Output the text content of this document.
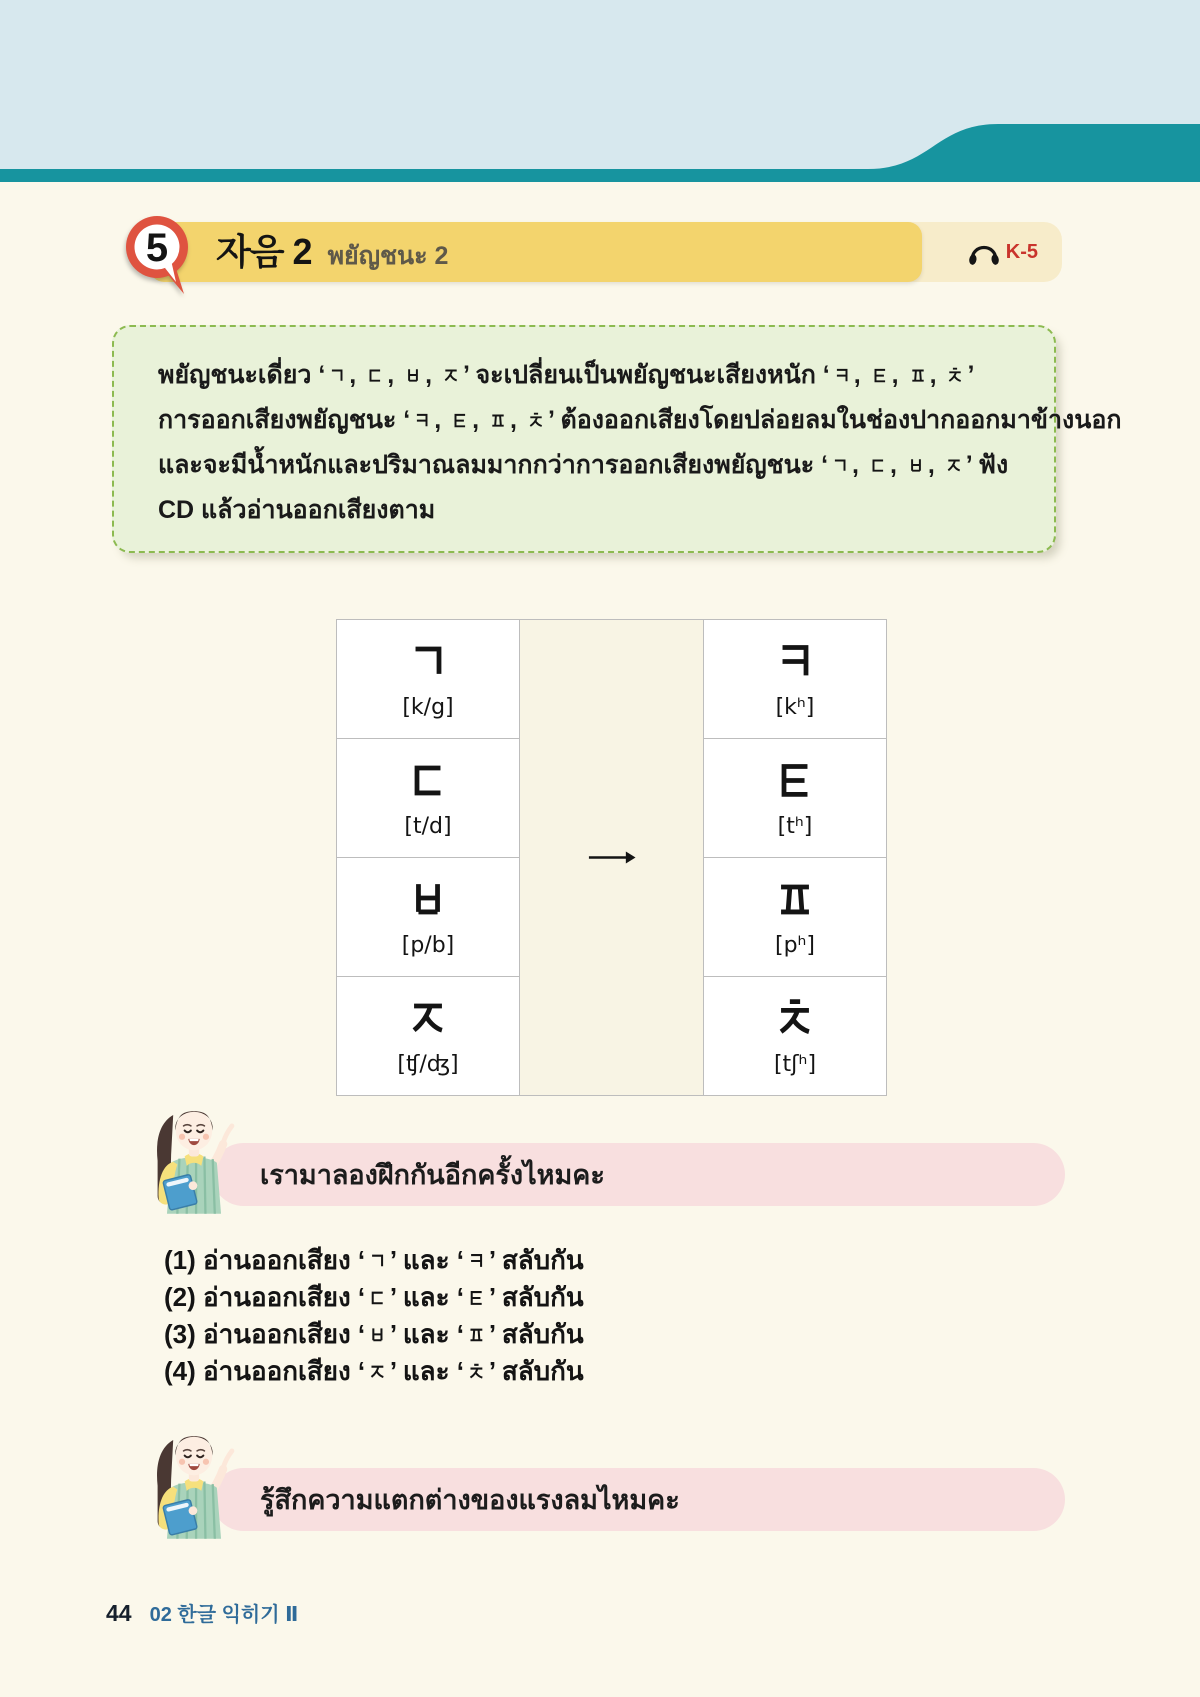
K-5
자음 2 พยัญชนะ 2
5
พยัญชนะเดี่ยว ‘ , , , ’ จะเปลี่ยนเป็นพยัญชนะเสียงหนัก ‘ , , , ’
การออกเสียงพยัญชนะ ‘ , , , ’ ต้องออกเสียงโดยปล่อยลมในช่องปากออกมาข้างนอก
และจะมีน้ำหนักและปริมาณลมมากกว่าการออกเสียงพยัญชนะ ‘ , , , ’ ฟัง
CD แล้วอ่านออกเสียงตาม
[k/g]
[t/d]
[p/b]
[ʧ/ʤ]
[kʰ]
[tʰ]
[pʰ]
[tʃʰ]
เรามาลองฝึกกันอีกครั้งไหมคะ
(1) อ่านออกเสียง ‘ ’ และ ‘ ’ สลับกัน
(2) อ่านออกเสียง ‘ ’ และ ‘ ’ สลับกัน
(3) อ่านออกเสียง ‘ ’ และ ‘ ’ สลับกัน
(4) อ่านออกเสียง ‘ ’ และ ‘ ’ สลับกัน
รู้สึกความแตกต่างของแรงลมไหมคะ
44 02 한글 익히기 Ⅱ
